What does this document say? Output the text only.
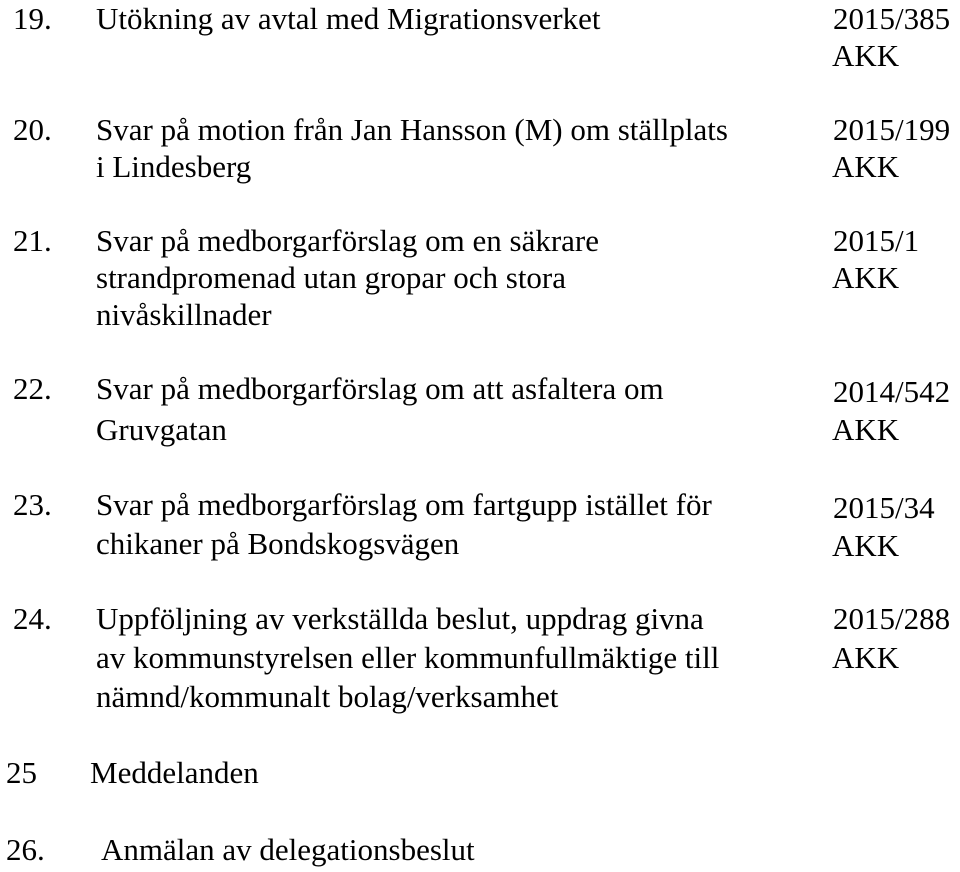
19. Utökning av avtal med Migrationsverket	2015/385
AKK
20. Svar på motion från Jan Hansson (M) om ställplats
i Lindesberg
2015/199
AKK
21. Svar på medborgarförslag om en säkrare
strandpromenad utan gropar och stora
nivåskillnader
2015/1
AKK
22. Svar på medborgarförslag om att asfaltera om
Gruvgatan
2014/542
AKK
23. Svar på medborgarförslag om fartgupp istället för
chikaner på Bondskogsvägen
2015/34
AKK
24. Uppföljning av verkställda beslut, uppdrag givna
av kommunstyrelsen eller kommunfullmäktige till
nämnd/kommunalt bolag/verksamhet
2015/288
AKK
25 Meddelanden
26. Anmälan av delegationsbeslut
